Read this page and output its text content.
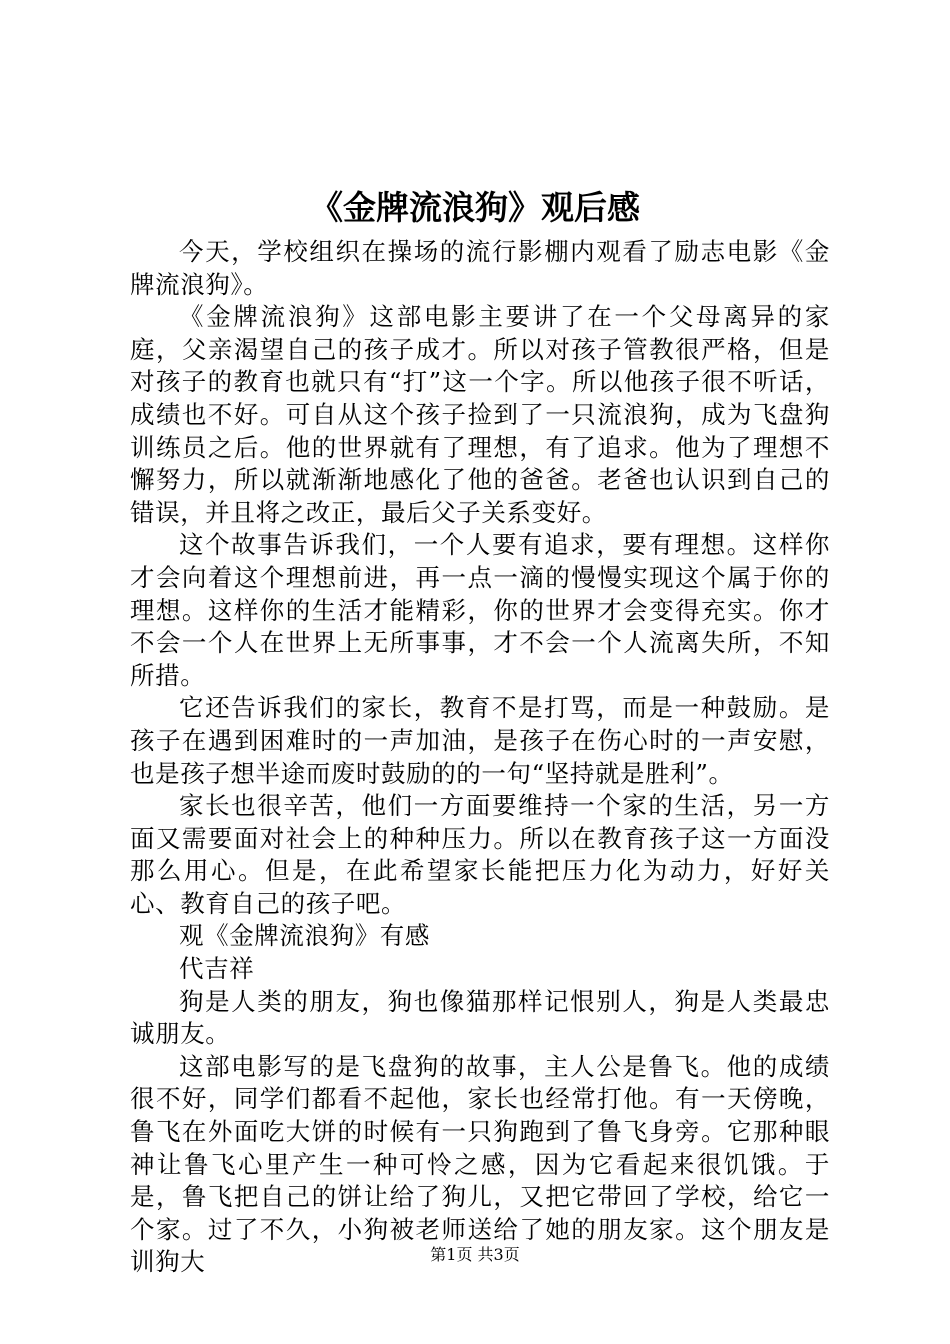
《金牌流浪狗》观后感

今天，学校组织在操场的流行影棚内观看了励志电影《金牌流浪狗》。

《金牌流浪狗》这部电影主要讲了在一个父母离异的家庭，父亲渴望自己的孩子成才。所以对孩子管教很严格，但是对孩子的教育也就只有“打”这一个字。所以他孩子很不听话，成绩也不好。可自从这个孩子捡到了一只流浪狗，成为飞盘狗训练员之后。他的世界就有了理想，有了追求。他为了理想不懈努力，所以就渐渐地感化了他的爸爸。老爸也认识到自己的错误，并且将之改正，最后父子关系变好。

这个故事告诉我们，一个人要有追求，要有理想。这样你才会向着这个理想前进，再一点一滴的慢慢实现这个属于你的理想。这样你的生活才能精彩，你的世界才会变得充实。你才不会一个人在世界上无所事事，才不会一个人流离失所，不知所措。

它还告诉我们的家长，教育不是打骂，而是一种鼓励。是孩子在遇到困难时的一声加油，是孩子在伤心时的一声安慰，也是孩子想半途而废时鼓励的的一句“坚持就是胜利”。

家长也很辛苦，他们一方面要维持一个家的生活，另一方面又需要面对社会上的种种压力。所以在教育孩子这一方面没那么用心。但是，在此希望家长能把压力化为动力，好好关心、教育自己的孩子吧。

观《金牌流浪狗》有感

代吉祥

狗是人类的朋友，狗也像猫那样记恨别人，狗是人类最忠诚朋友。

这部电影写的是飞盘狗的故事，主人公是鲁飞。他的成绩很不好，同学们都看不起他，家长也经常打他。有一天傍晚，鲁飞在外面吃大饼的时候有一只狗跑到了鲁飞身旁。它那种眼神让鲁飞心里产生一种可怜之感，因为它看起来很饥饿。于是，鲁飞把自己的饼让给了狗儿，又把它带回了学校，给它一个家。过了不久，小狗被老师送给了她的朋友家。这个朋友是训狗大	第1页 共3页
